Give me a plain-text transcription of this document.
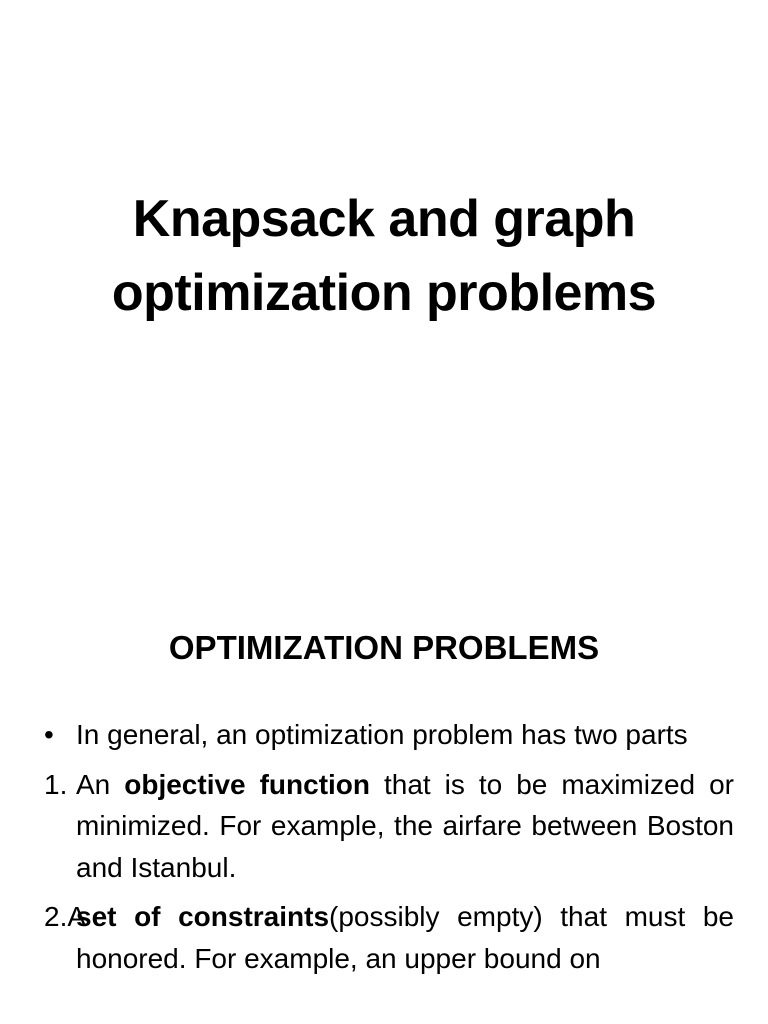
Knapsack and graph
optimization problems
OPTIMIZATION PROBLEMS
• In general, an optimization problem has two parts
1. An objective function that is to be maximized or minimized. For example, the airfare between Boston and Istanbul.
2.A
set of constraints(possibly empty) that must be honored. For example, an upper bound on
